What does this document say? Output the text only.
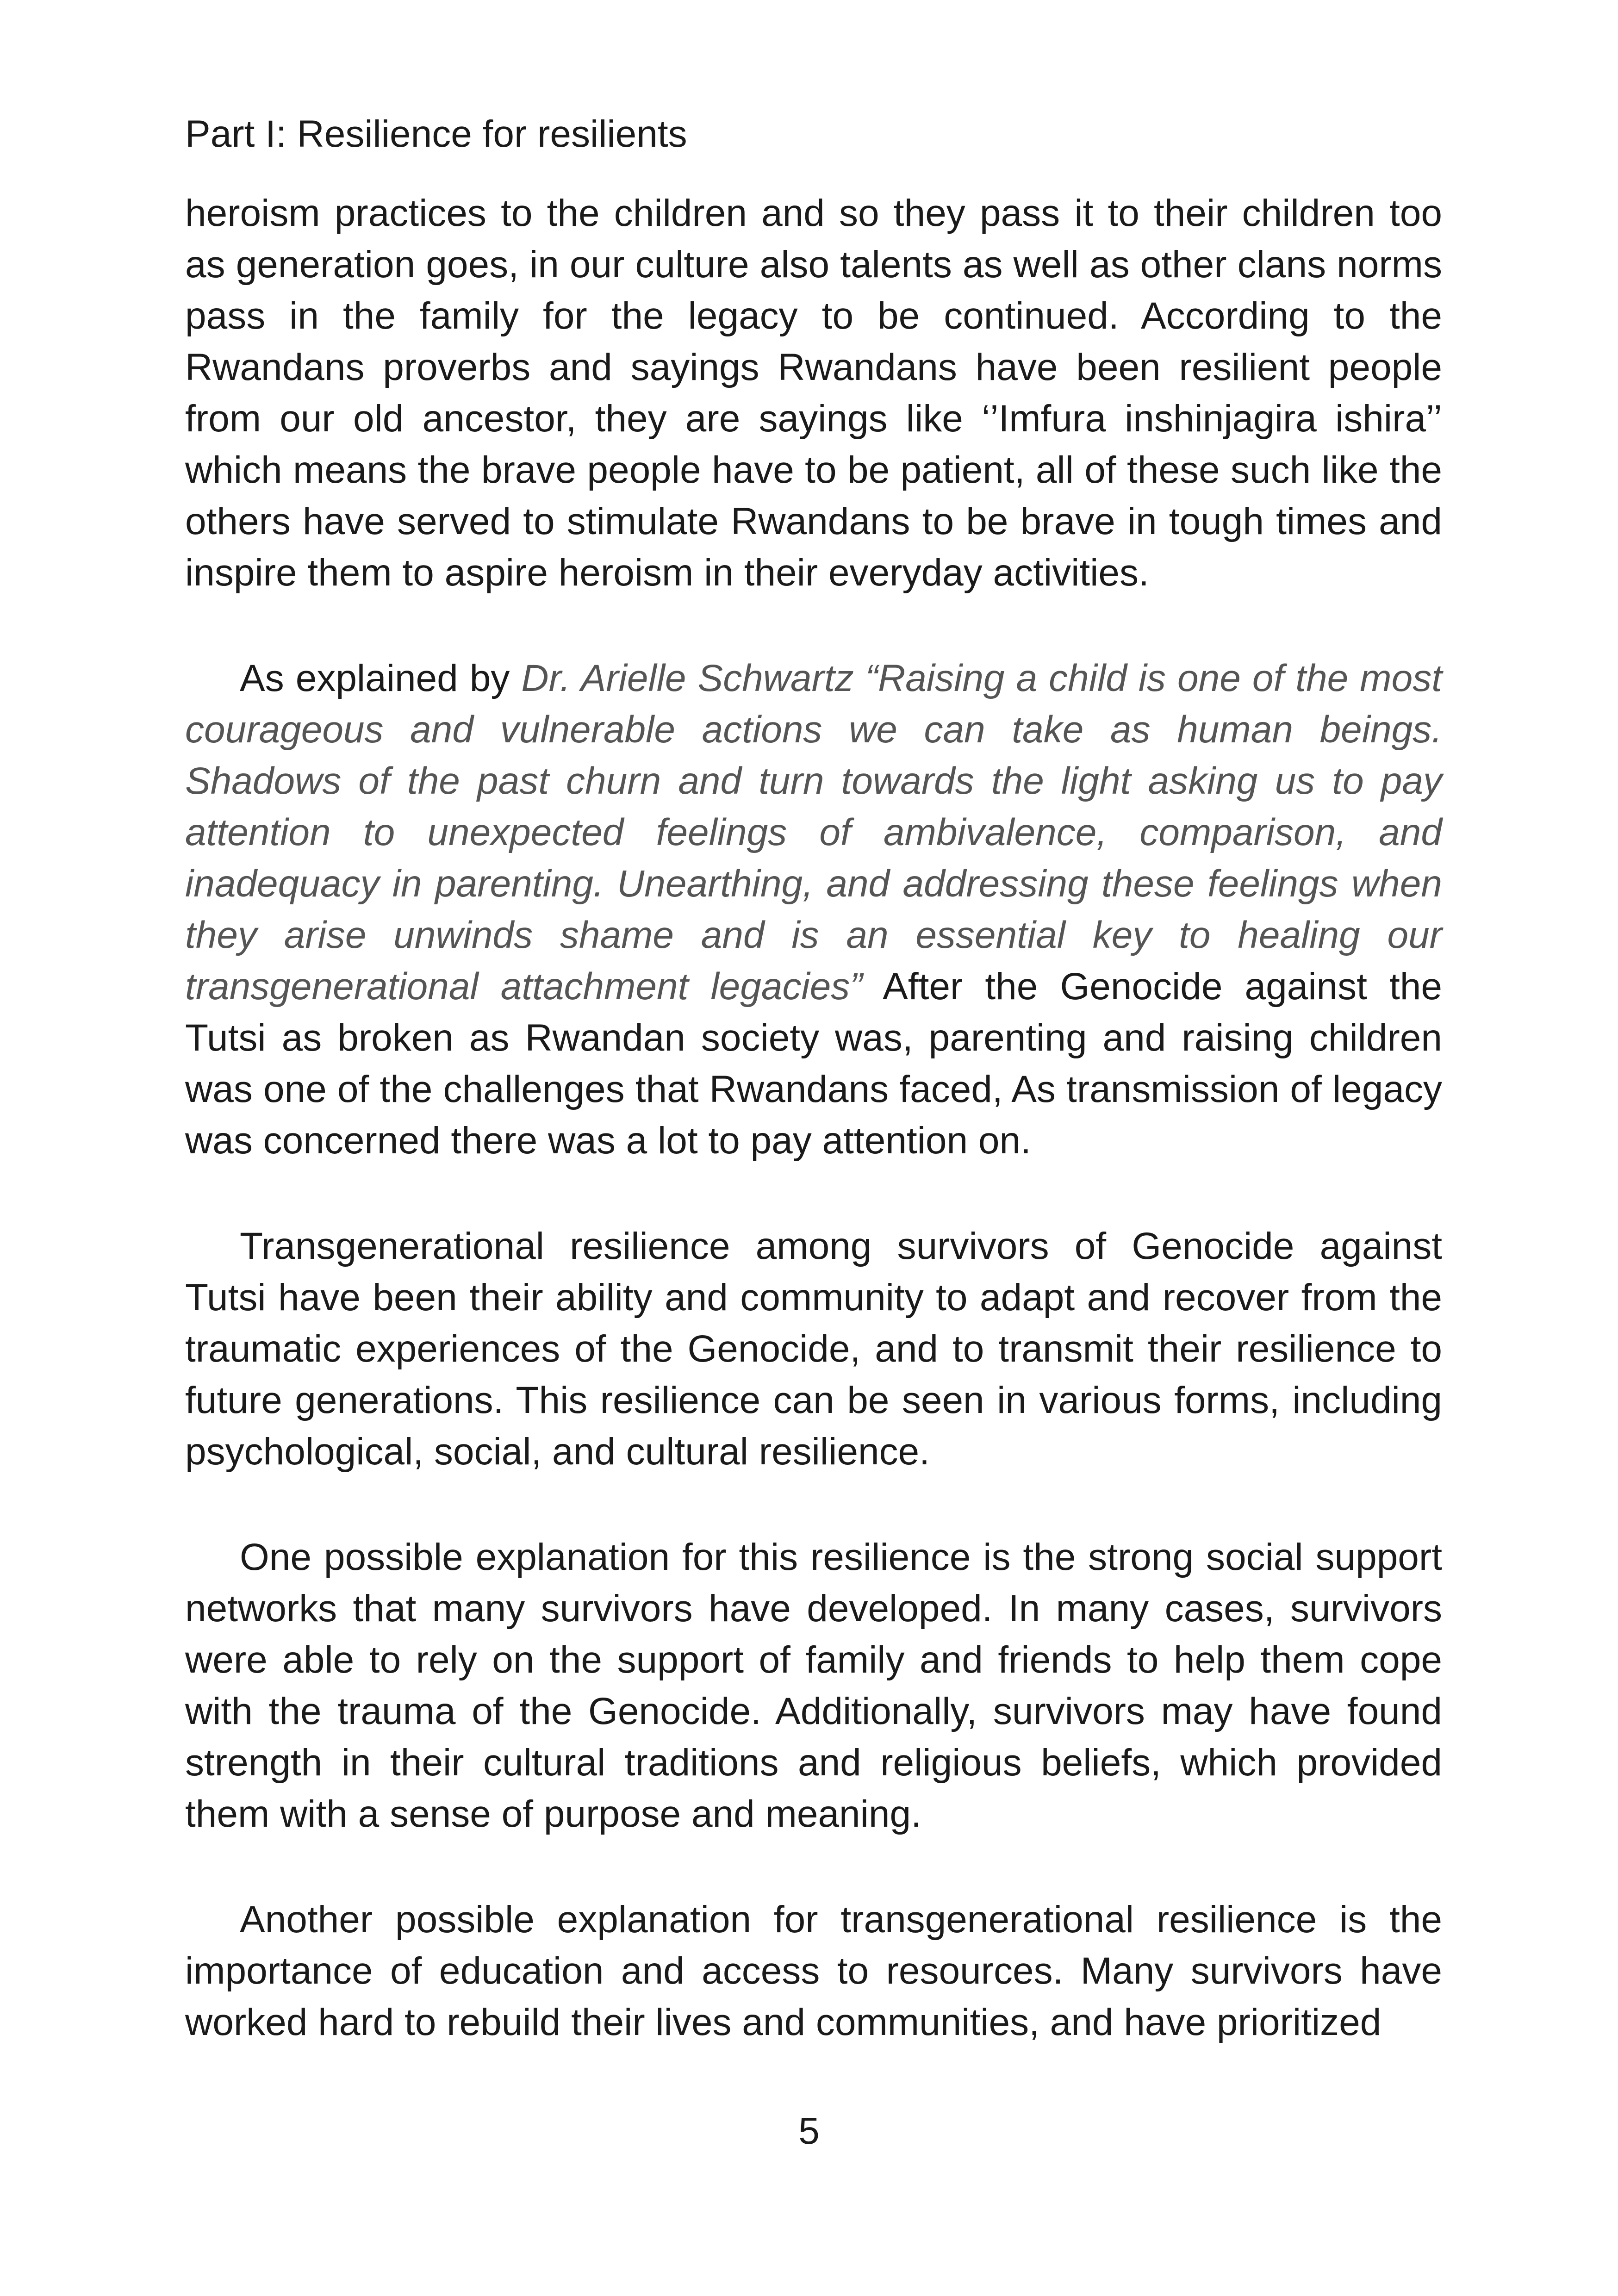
Part I: Resilience for resilients

heroism practices to the children and so they pass it to their children too as generation goes, in our culture also talents as well as other clans norms pass in the family for the legacy to be continued. According to the Rwandans proverbs and sayings Rwandans have been resilient people from our old ancestor, they are sayings like ‘’Imfura inshinjagira ishira’’ which means the brave people have to be patient, all of these such like the others have served to stimulate Rwandans to be brave in tough times and inspire them to aspire heroism in their everyday activities.

As explained by Dr. Arielle Schwartz “Raising a child is one of the most courageous and vulnerable actions we can take as human beings. Shadows of the past churn and turn towards the light asking us to pay attention to unexpected feelings of ambivalence, comparison, and inadequacy in parenting. Unearthing, and addressing these feelings when they arise unwinds shame and is an essential key to healing our transgenerational attachment legacies” After the Genocide against the Tutsi as broken as Rwandan society was, parenting and raising children was one of the challenges that Rwandans faced, As transmission of legacy was concerned there was a lot to pay attention on.

Transgenerational resilience among survivors of Genocide against Tutsi have been their ability and community to adapt and recover from the traumatic experiences of the Genocide, and to transmit their resilience to future generations. This resilience can be seen in various forms, including psychological, social, and cultural resilience.

One possible explanation for this resilience is the strong social support networks that many survivors have developed. In many cases, survivors were able to rely on the support of family and friends to help them cope with the trauma of the Genocide. Additionally, survivors may have found strength in their cultural traditions and religious beliefs, which provided them with a sense of purpose and meaning.

Another possible explanation for transgenerational resilience is the importance of education and access to resources. Many survivors have worked hard to rebuild their lives and communities, and have prioritized

5
